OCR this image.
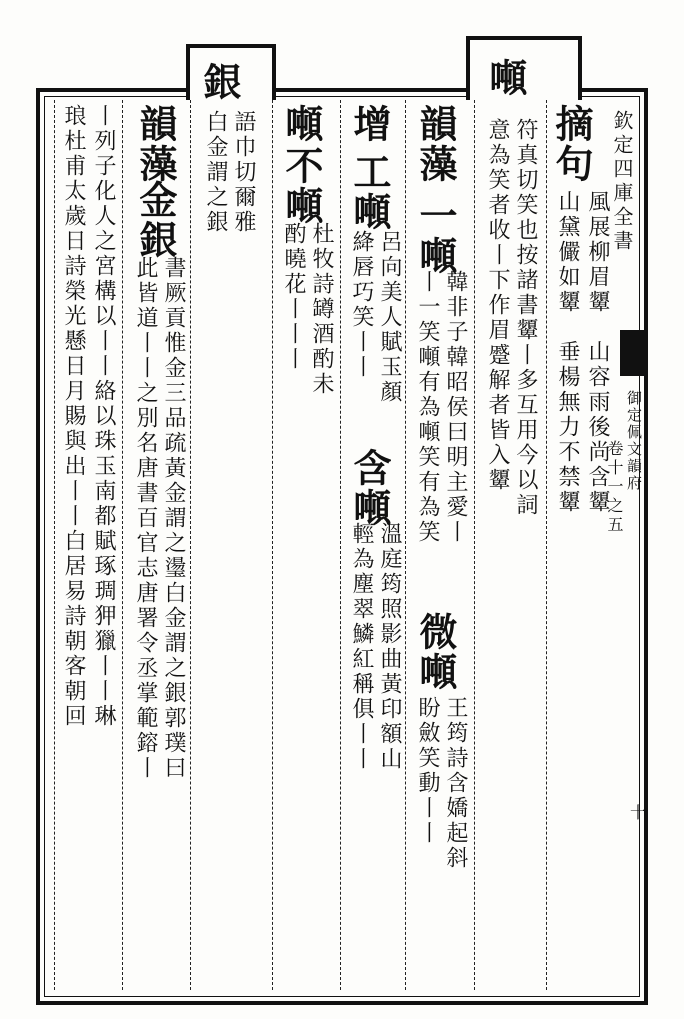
欽定四庫全書
御定佩文韻府
卷十一之五
十
噸
符真切笑也按諸書顰丨多互用今以詞
意為笑者收丨下作眉蹙解者皆入顰 摘句
風展柳眉顰　山容雨後尚含顰
山黛儼如顰　垂楊無力不禁顰
韻藻
一噸
韓非子韓昭侯曰明主愛丨
丨一笑噸有為噸笑有為笑
微噸
王筠詩含嬌起斜
盼斂笑動丨丨
增
工噸
呂向美人賦玉顏
絳唇巧笑丨丨
含噸
溫庭筠照影曲黃印額山
輕為塵翠鱗紅稱俱丨丨
噸
不噸
杜牧詩罇酒酌未
酌曉花丨丨丨
銀
語巾切爾雅
白金謂之銀
韻藻
金銀
書厥貢惟金三品疏黃金謂之璗白金謂之銀郭璞曰
此皆道丨丨之別名唐書百官志唐署令丞掌範鎔丨
丨列子化人之宮構以丨丨絡以珠玉南都賦琢琱狎獵丨丨琳
琅杜甫太歲日詩榮光懸日月賜與出丨丨白居易詩朝客朝回
